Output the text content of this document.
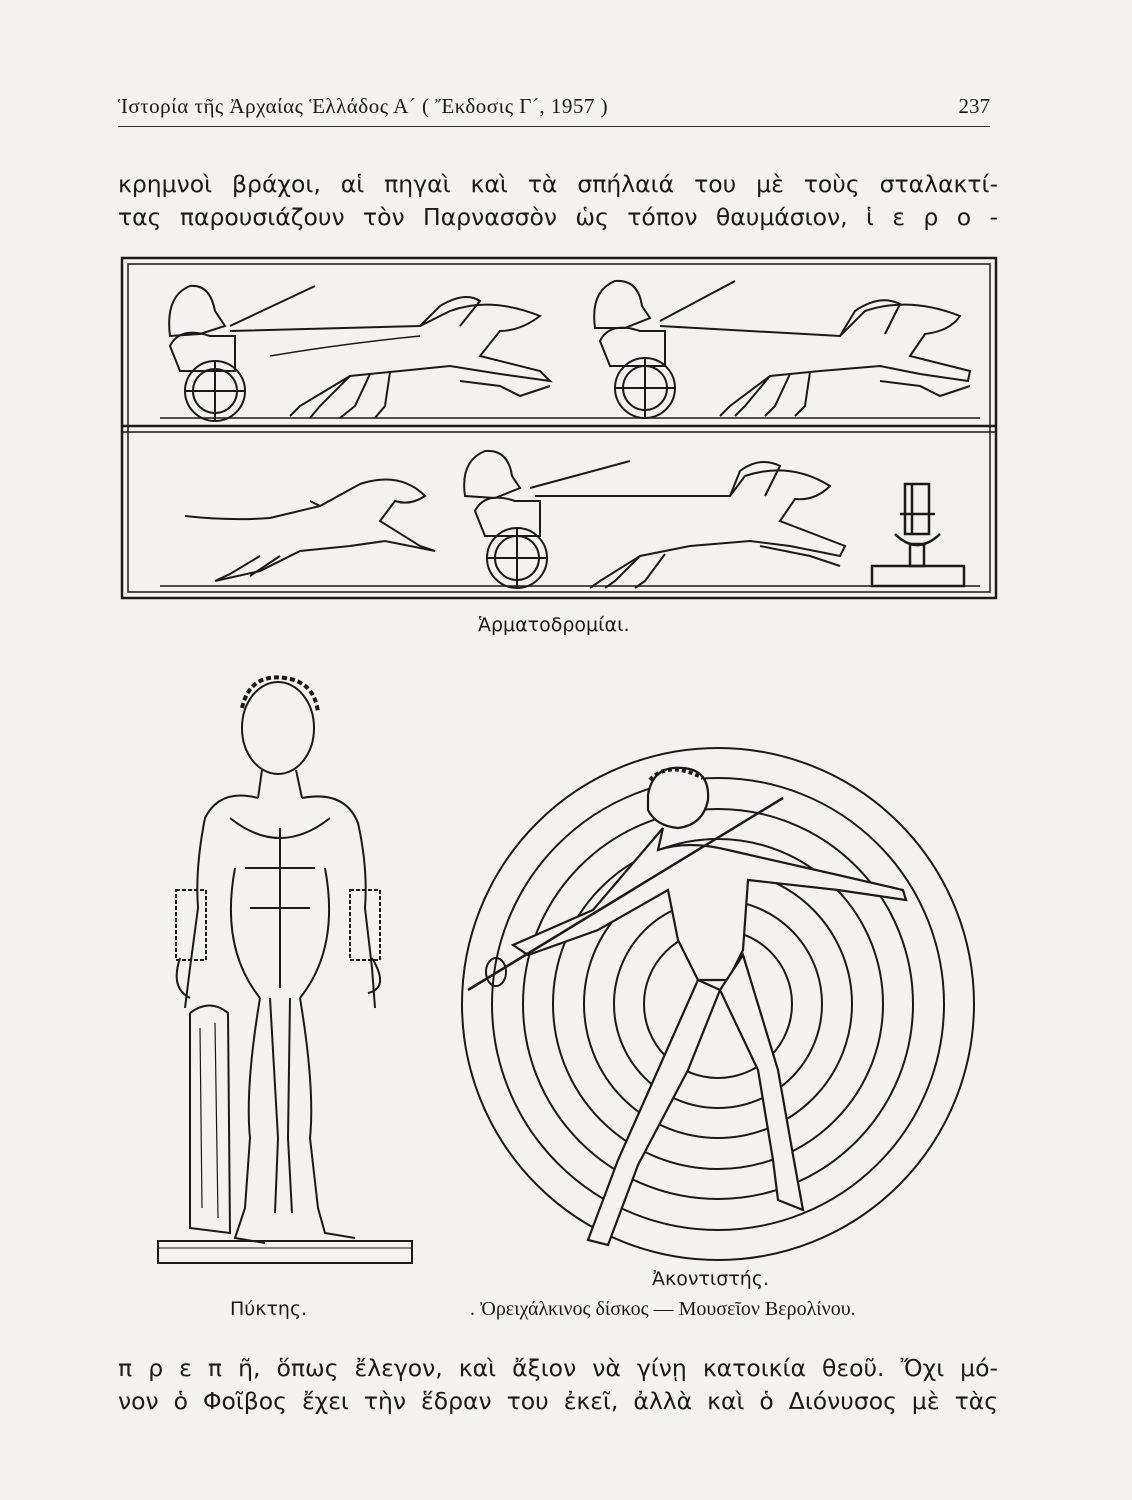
Ἱστορία τῆς Ἀρχαίας Ἑλλάδος Α´ ( Ἔκδοσις Γ´, 1957 )	237

κρημνοὶ βράχοι, αἱ πηγαὶ καὶ τὰ σπήλαιά του μὲ τοὺς σταλακτί-

τας παρουσιάζουν τὸν Παρνασσὸν ὡς τόπον θαυμάσιον, ἱ ε ρ ο -

Ἁρματοδρομίαι.
Ἀκοντιστής.
Πύκτης.	. Ὀρειχάλκινος δίσκος — Μουσεῖον Βερολίνου.

π ρ ε π ῆ, ὅπως ἔλεγον, καὶ ἄξιον νὰ γίνῃ κατοικία θεοῦ. Ὄχι μό-

νον ὁ Φοῖβος ἔχει τὴν ἕδραν του ἐκεῖ, ἀλλὰ καὶ ὁ Διόνυσος μὲ τὰς
